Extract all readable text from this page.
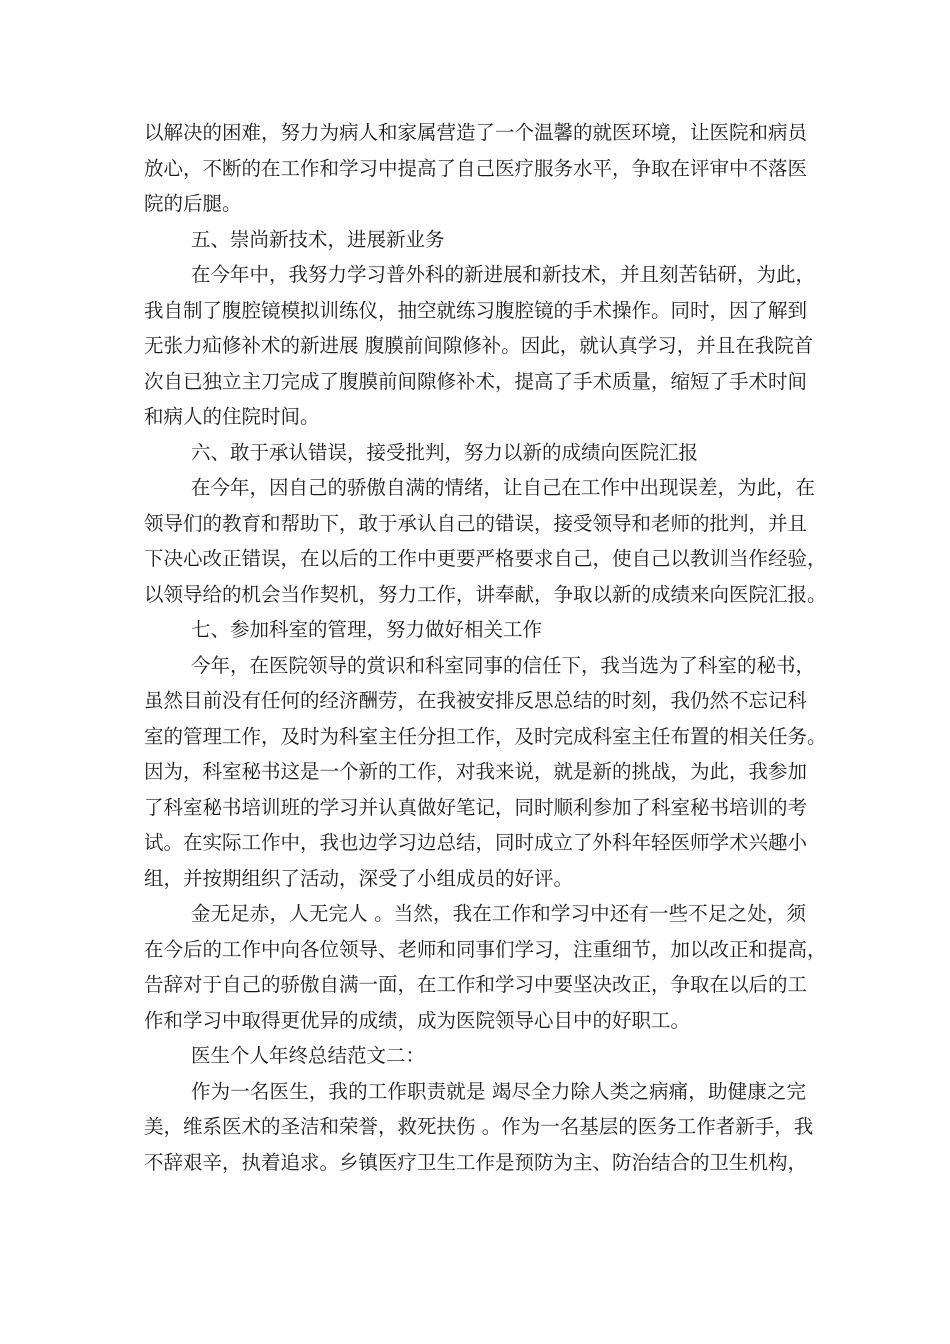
以解决的困难，努力为病人和家属营造了一个温馨的就医环境，让医院和病员
放心，不断的在工作和学习中提高了自己医疗服务水平，争取在评审中不落医
院的后腿。
五、崇尚新技术，进展新业务
在今年中，我努力学习普外科的新进展和新技术，并且刻苦钻研，为此，
我自制了腹腔镜模拟训练仪，抽空就练习腹腔镜的手术操作。同时，因了解到
无张力疝修补术的新进展 腹膜前间隙修补。因此，就认真学习，并且在我院首
次自已独立主刀完成了腹膜前间隙修补术，提高了手术质量，缩短了手术时间
和病人的住院时间。
六、敢于承认错误，接受批判，努力以新的成绩向医院汇报
在今年，因自己的骄傲自满的情绪，让自己在工作中出现误差，为此，在
领导们的教育和帮助下，敢于承认自己的错误，接受领导和老师的批判，并且
下决心改正错误，在以后的工作中更要严格要求自己，使自己以教训当作经验，
以领导给的机会当作契机，努力工作，讲奉献，争取以新的成绩来向医院汇报。
七、参加科室的管理，努力做好相关工作
今年，在医院领导的赏识和科室同事的信任下，我当选为了科室的秘书，
虽然目前没有任何的经济酬劳，在我被安排反思总结的时刻，我仍然不忘记科
室的管理工作，及时为科室主任分担工作，及时完成科室主任布置的相关任务。
因为，科室秘书这是一个新的工作，对我来说，就是新的挑战，为此，我参加
了科室秘书培训班的学习并认真做好笔记，同时顺利参加了科室秘书培训的考
试。在实际工作中，我也边学习边总结，同时成立了外科年轻医师学术兴趣小
组，并按期组织了活动，深受了小组成员的好评。
金无足赤，人无完人 。当然，我在工作和学习中还有一些不足之处，须
在今后的工作中向各位领导、老师和同事们学习，注重细节，加以改正和提高，
告辞对于自己的骄傲自满一面，在工作和学习中要坚决改正，争取在以后的工
作和学习中取得更优异的成绩，成为医院领导心目中的好职工。
医生个人年终总结范文二：
作为一名医生，我的工作职责就是 竭尽全力除人类之病痛，助健康之完
美，维系医术的圣洁和荣誉，救死扶伤 。作为一名基层的医务工作者新手，我
不辞艰辛，执着追求。乡镇医疗卫生工作是预防为主、防治结合的卫生机构，
